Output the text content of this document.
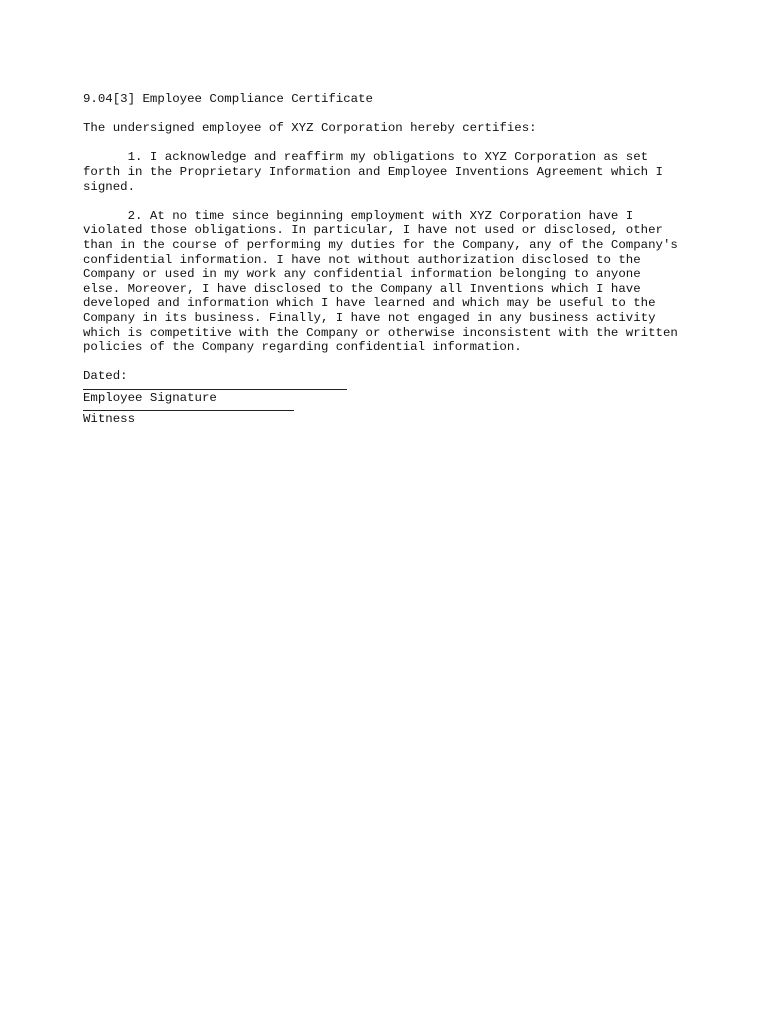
9.04[3] Employee Compliance Certificate
The undersigned employee of XYZ Corporation hereby certifies:
1. I acknowledge and reaffirm my obligations to XYZ Corporation as set
forth in the Proprietary Information and Employee Inventions Agreement which I
signed.
2. At no time since beginning employment with XYZ Corporation have I
violated those obligations. In particular, I have not used or disclosed, other
than in the course of performing my duties for the Company, any of the Company's
confidential information. I have not without authorization disclosed to the
Company or used in my work any confidential information belonging to anyone
else. Moreover, I have disclosed to the Company all Inventions which I have
developed and information which I have learned and which may be useful to the
Company in its business. Finally, I have not engaged in any business activity
which is competitive with the Company or otherwise inconsistent with the written
policies of the Company regarding confidential information.
Dated:
Employee Signature
Witness
